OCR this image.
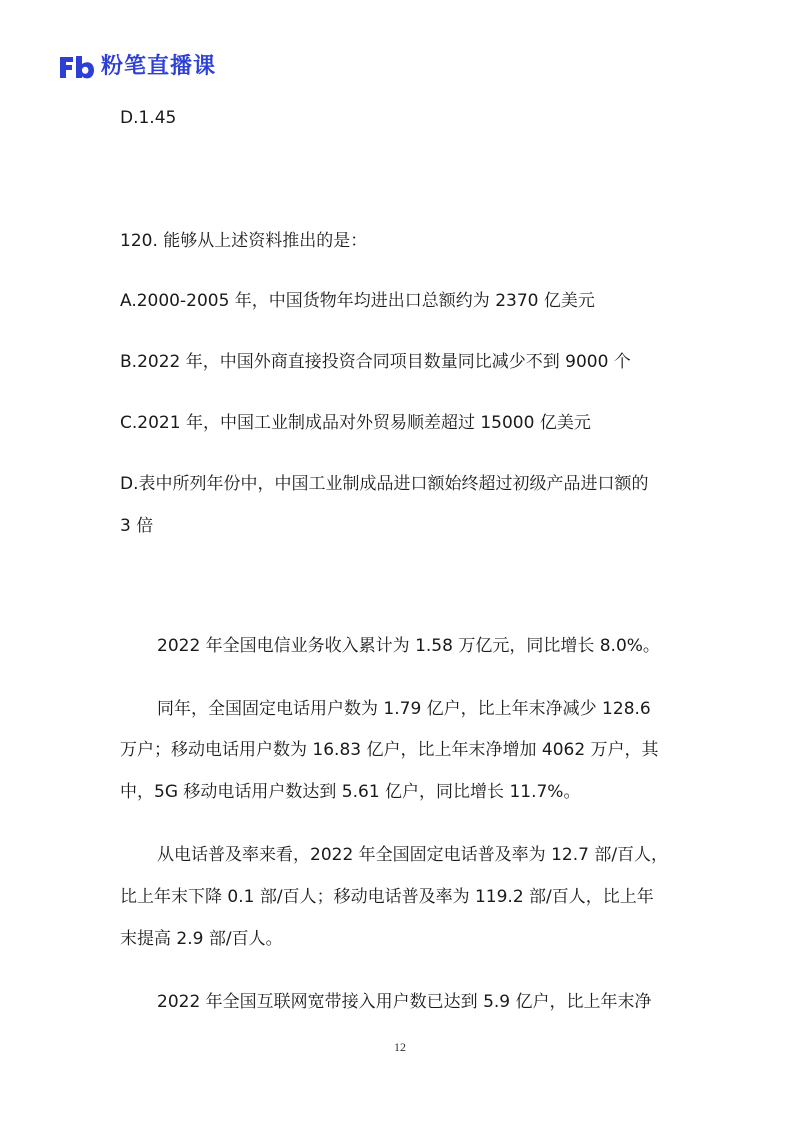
粉笔直播课

D.1.45

120. 能够从上述资料推出的是：

A.2000-2005 年，中国货物年均进出口总额约为 2370 亿美元

B.2022 年，中国外商直接投资合同项目数量同比减少不到 9000 个

C.2021 年，中国工业制成品对外贸易顺差超过 15000 亿美元

D.表中所列年份中，中国工业制成品进口额始终超过初级产品进口额的

3 倍

2022 年全国电信业务收入累计为 1.58 万亿元，同比增长 8.0%。

同年，全国固定电话用户数为 1.79 亿户，比上年末净减少 128.6

万户；移动电话用户数为 16.83 亿户，比上年末净增加 4062 万户，其

中，5G 移动电话用户数达到 5.61 亿户，同比增长 11.7%。

从电话普及率来看，2022 年全国固定电话普及率为 12.7 部/百人，

比上年末下降 0.1 部/百人；移动电话普及率为 119.2 部/百人，比上年

末提高 2.9 部/百人。

2022 年全国互联网宽带接入用户数已达到 5.9 亿户，比上年末净

12
